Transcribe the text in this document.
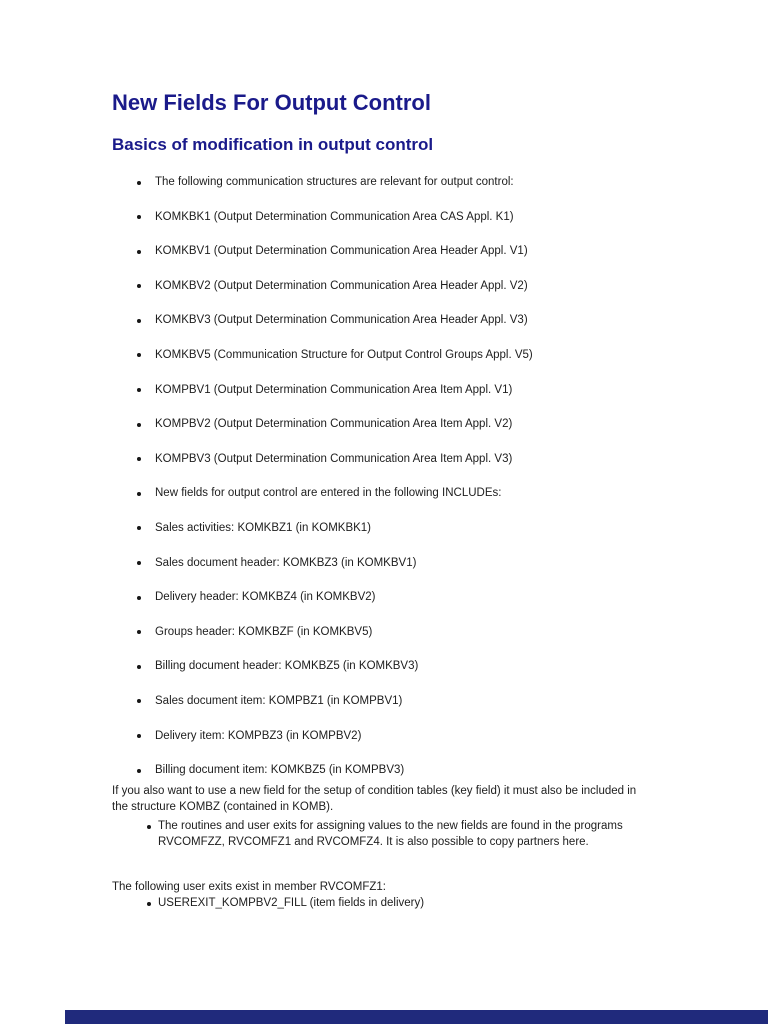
New Fields For Output Control
Basics of modification in output control
The following communication structures are relevant for output control:
KOMKBK1 (Output Determination Communication Area CAS Appl. K1)
KOMKBV1 (Output Determination Communication Area Header Appl. V1)
KOMKBV2 (Output Determination Communication Area Header Appl. V2)
KOMKBV3 (Output Determination Communication Area Header Appl. V3)
KOMKBV5 (Communication Structure for Output Control Groups Appl. V5)
KOMPBV1 (Output Determination Communication Area Item Appl. V1)
KOMPBV2 (Output Determination Communication Area Item Appl. V2)
KOMPBV3 (Output Determination Communication Area Item Appl. V3)
New fields for output control are entered in the following INCLUDEs:
Sales activities: KOMKBZ1 (in KOMKBK1)
Sales document header: KOMKBZ3 (in KOMKBV1)
Delivery header: KOMKBZ4 (in KOMKBV2)
Groups header: KOMKBZF (in KOMKBV5)
Billing document header: KOMKBZ5 (in KOMKBV3)
Sales document item: KOMPBZ1 (in KOMPBV1)
Delivery item: KOMPBZ3 (in KOMPBV2)
Billing document item: KOMKBZ5 (in KOMPBV3)

If you also want to use a new field for the setup of condition tables (key field) it must also be included in the structure KOMBZ (contained in KOMB).

The routines and user exits for assigning values to the new fields are found in the programs RVCOMFZZ, RVCOMFZ1 and RVCOMFZ4. It is also possible to copy partners here.

The following user exits exist in member RVCOMFZ1:

USEREXIT_KOMPBV2_FILL (item fields in delivery)
